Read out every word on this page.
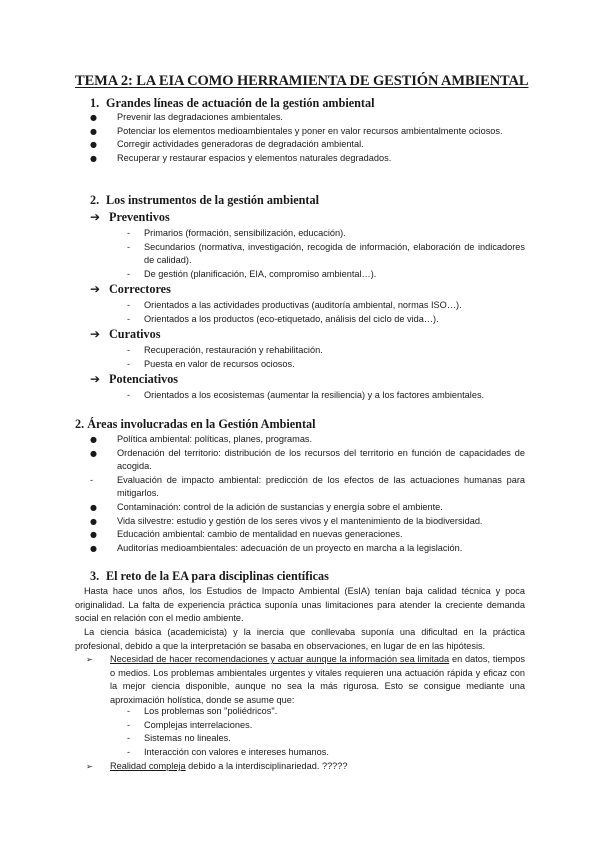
TEMA 2: LA EIA COMO HERRAMIENTA DE GESTIÓN AMBIENTAL
1. Grandes líneas de actuación de la gestión ambiental
● Prevenir las degradaciones ambientales.
● Potenciar los elementos medioambientales y poner en valor recursos ambientalmente ociosos.
● Corregir actividades generadoras de degradación ambiental.
● Recuperar y restaurar espacios y elementos naturales degradados.
2. Los instrumentos de la gestión ambiental
➔ Preventivos
- Primarios (formación, sensibilización, educación).
- Secundarios (normativa, investigación, recogida de información, elaboración de indicadores de calidad).
- De gestión (planificación, EIA, compromiso ambiental…).
➔ Correctores
- Orientados a las actividades productivas (auditoría ambiental, normas ISO…).
- Orientados a los productos (eco-etiquetado, análisis del ciclo de vida…).
➔ Curativos
- Recuperación, restauración y rehabilitación.
- Puesta en valor de recursos ociosos.
➔ Potenciativos
- Orientados a los ecosistemas (aumentar la resiliencia) y a los factores ambientales.
2. Áreas involucradas en la Gestión Ambiental
● Política ambiental: políticas, planes, programas.
● Ordenación del territorio: distribución de los recursos del territorio en función de capacidades de acogida.
-	Evaluación de impacto ambiental: predicción de los efectos de las actuaciones humanas para mitigarlos.
● Contaminación: control de la adición de sustancias y energía sobre el ambiente.
● Vida silvestre: estudio y gestión de los seres vivos y el mantenimiento de la biodiversidad.
● Educación ambiental: cambio de mentalidad en nuevas generaciones.
● Auditorías medioambientales: adecuación de un proyecto en marcha a la legislación.
3. El reto de la EA para disciplinas científicas

Hasta hace unos años, los Estudios de Impacto Ambiental (EsIA) tenían baja calidad técnica y poca originalidad. La falta de experiencia práctica suponía unas limitaciones para atender la creciente demanda social en relación con el medio ambiente.

La ciencia básica (academicista) y la inercia que conllevaba suponía una dificultad en la práctica profesional, debido a que la interpretación se basaba en observaciones, en lugar de en las hipótesis.

➢ Necesidad de hacer recomendaciones y actuar aunque la información sea limitada en datos, tiempos o medios. Los problemas ambientales urgentes y vitales requieren una actuación rápida y eficaz con la mejor ciencia disponible, aunque no sea la más rigurosa. Esto se consigue mediante una aproximación holística, donde se asume que:
- Los problemas son "poliédricos".
- Complejas interrelaciones.
- Sistemas no lineales.
- Interacción con valores e intereses humanos.
➢ Realidad compleja debido a la interdisciplinariedad. ?????
